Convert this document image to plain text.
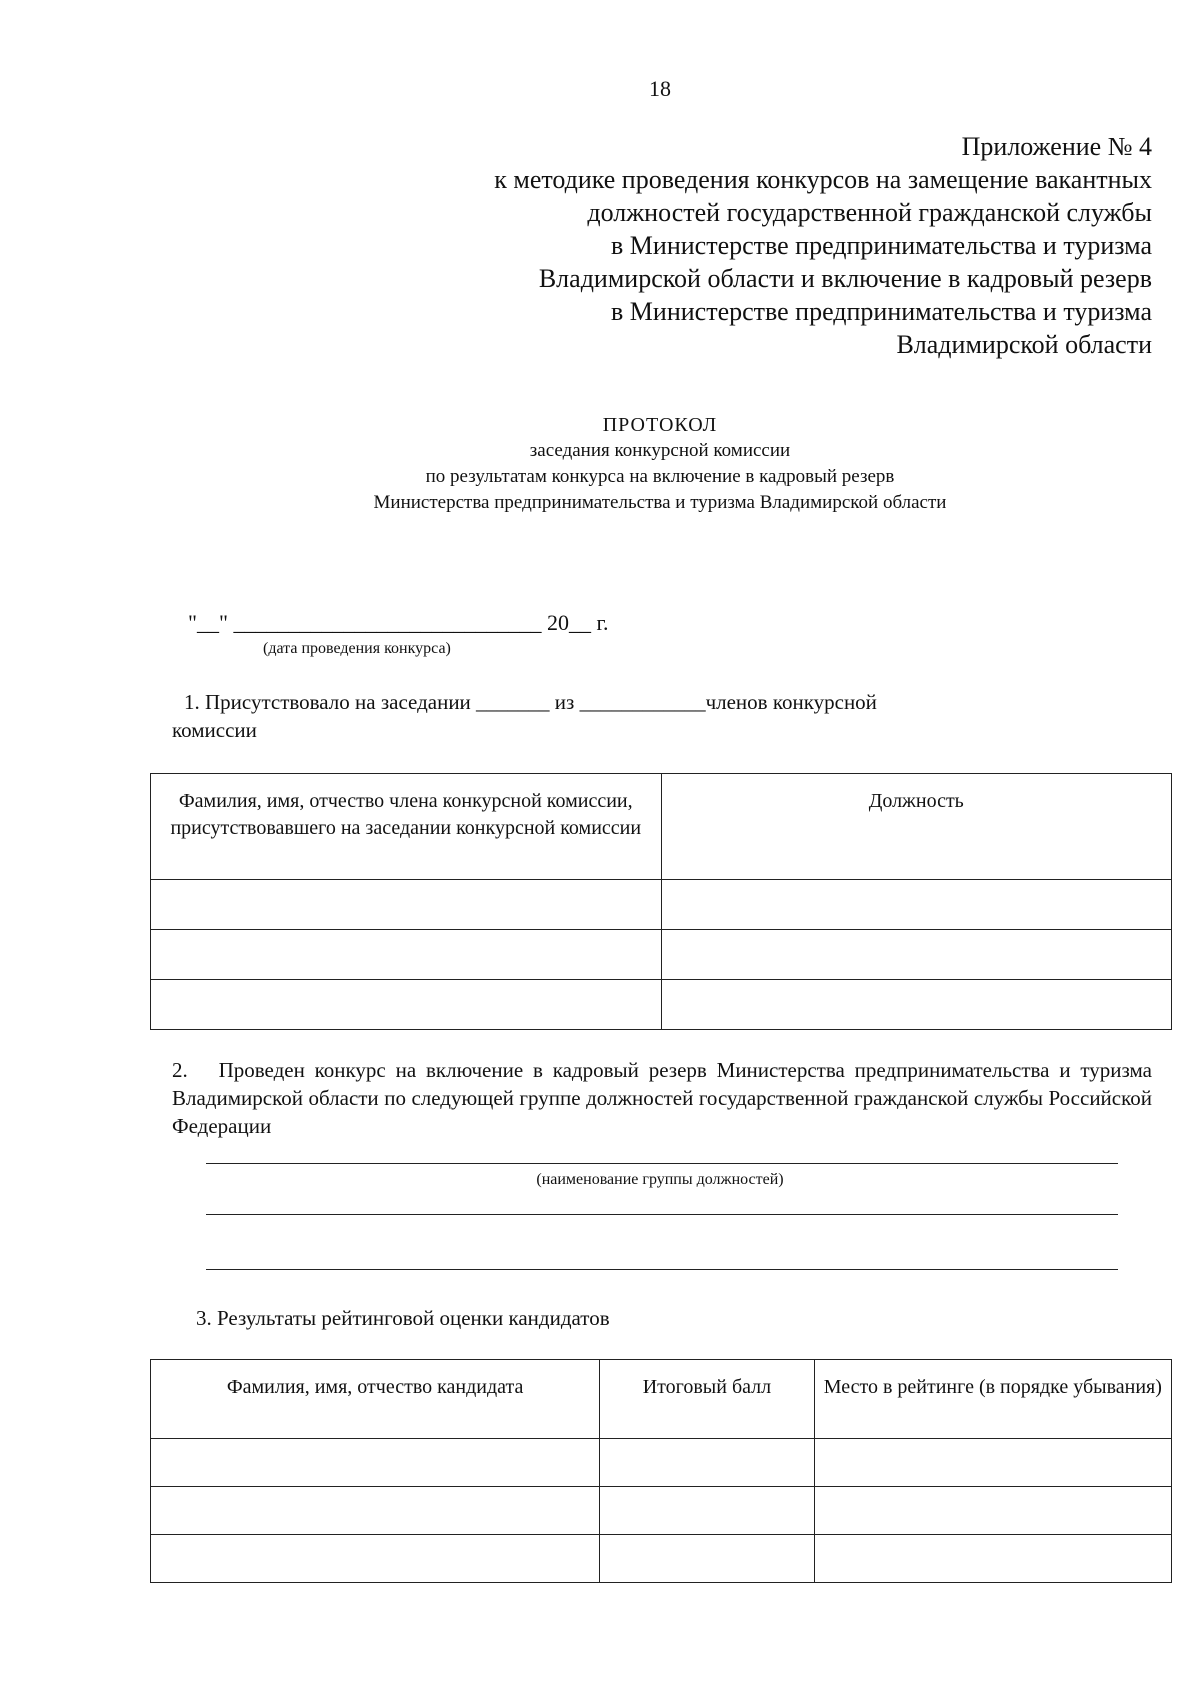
18
Приложение № 4
к методике проведения конкурсов на замещение вакантных
должностей государственной гражданской службы
в Министерстве предпринимательства и туризма
Владимирской области и включение в кадровый резерв
в Министерстве предпринимательства и туризма
Владимирской области
ПРОТОКОЛ
заседания конкурсной комиссии
по результатам конкурса на включение в кадровый резерв
Министерства предпринимательства и туризма Владимирской области
"__" ____________________________ 20__ г.
(дата проведения конкурса)
1. Присутствовало на заседании _______ из ____________членов конкурсной
комиссии
Фамилия, имя, отчество члена конкурсной комиссии, присутствовавшего на заседании конкурсной комиссии	Должность

2.  Проведен конкурс на включение в кадровый резерв Министерства предпринимательства и туризма Владимирской области по следующей группе должностей государственной гражданской службы Российской Федерации
(наименование группы должностей)
3. Результаты рейтинговой оценки кандидатов
Фамилия, имя, отчество кандидата	Итоговый балл	Место в рейтинге (в порядке убывания)
